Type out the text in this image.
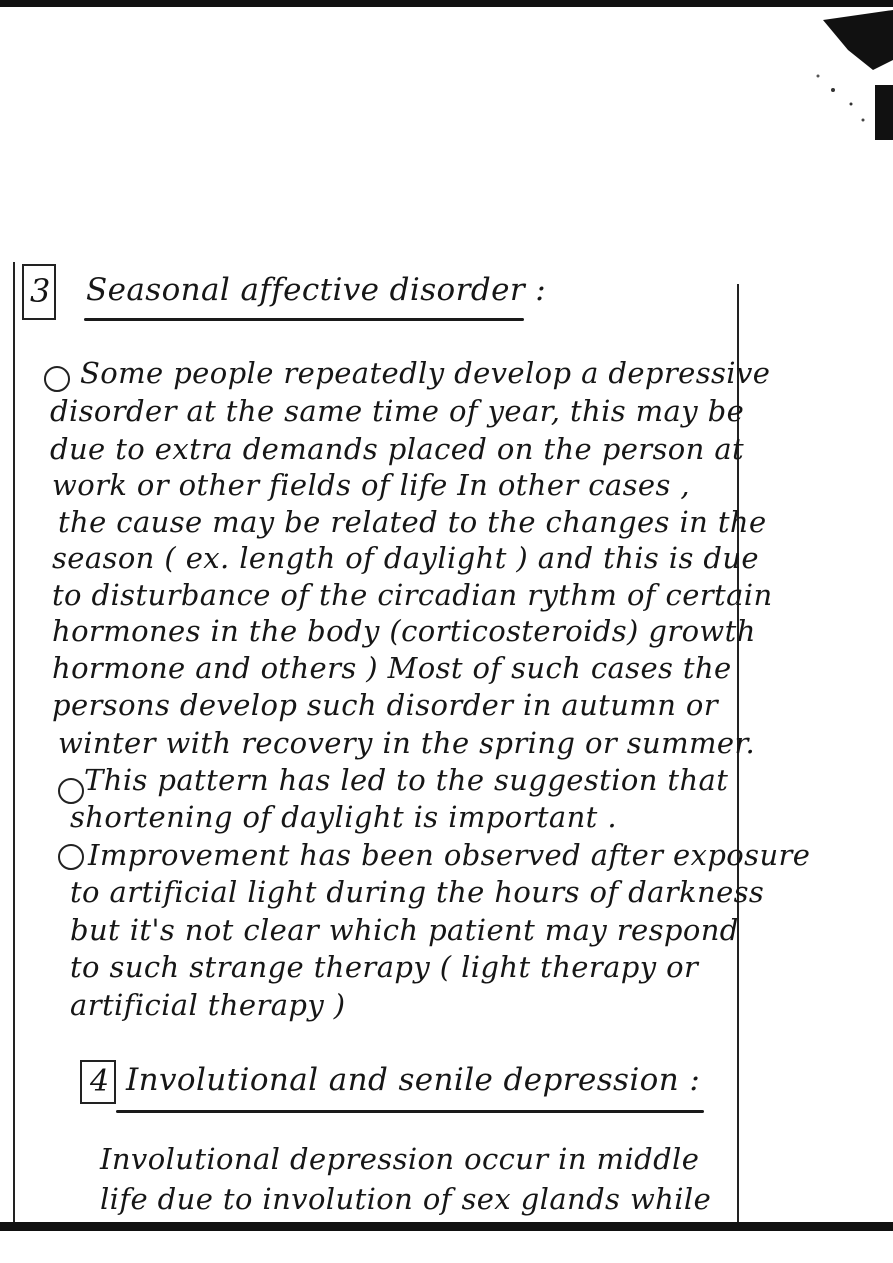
3 Seasonal affective disorder :
Some people repeatedly develop a depressive
disorder at the same time of year, this may be
due to extra demands placed on the person at
work or other fields of life In other cases ,
the cause may be related to the changes in the
season ( ex. length of daylight ) and this is due
to disturbance of the circadian rythm of certain
hormones in the body (corticosteroids) growth
hormone and others ) Most of such cases the
persons develop such disorder in autumn or
winter with recovery in the spring or summer.
This pattern has led to the suggestion that
shortening of daylight is important .
Improvement has been observed after exposure
to artificial light during the hours of darkness
but it's not clear which patient may respond
to such strange therapy ( light therapy or
artificial therapy )
4 Involutional and senile depression :
Involutional depression occur in middle
life due to involution of sex glands while
